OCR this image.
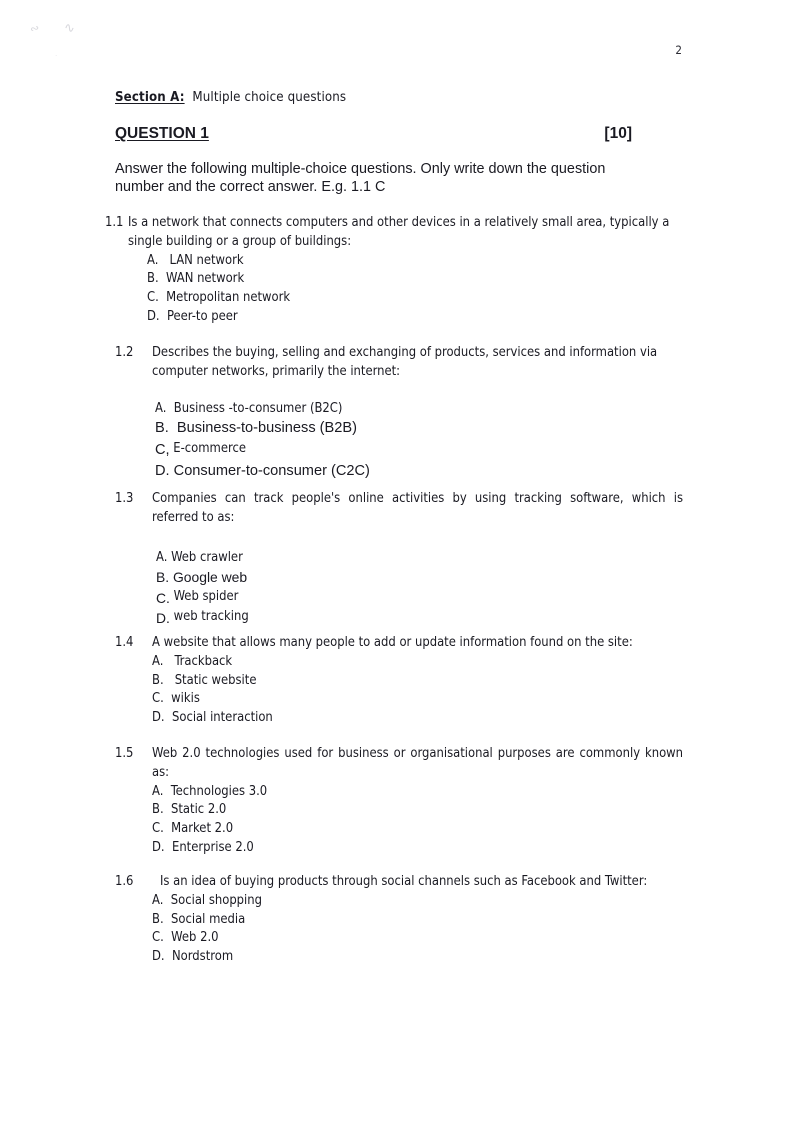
∾ ∿
·	2
Section A:  Multiple choice questions
QUESTION 1	[10]
Answer the following multiple-choice questions. Only write down the question number and the correct answer. E.g. 1.1 C
1.1 Is a network that connects computers and other devices in a relatively small area, typically a single building or a group of buildings:
A.
LAN network
B.
WAN network
C.
Metropolitan network
D.
Peer-to peer
1.2	Describes the buying, selling and exchanging of products, services and information via computer networks, primarily the internet:
A.
Business -to-consumer (B2C)
B.
Business-to-business (B2B)
C,
E-commerce
D.
Consumer-to-consumer (C2C)
1.3	Companies can track people's online activities by using tracking software, which is referred to as:
A.
Web crawler
B.
Google web
C.
Web spider
D.
web tracking
1.4	A website that allows many people to add or update information found on the site:
A.
Trackback
B.
Static website
C.
wikis
D.
Social interaction
1.5	Web 2.0 technologies used for business or organisational purposes are commonly known as:
A.
Technologies 3.0
B.
Static 2.0
C.
Market 2.0
D.
Enterprise 2.0
1.6	Is an idea of buying products through social channels such as Facebook and Twitter:
A.
Social shopping
B.
Social media
C.
Web 2.0
D.
Nordstrom
